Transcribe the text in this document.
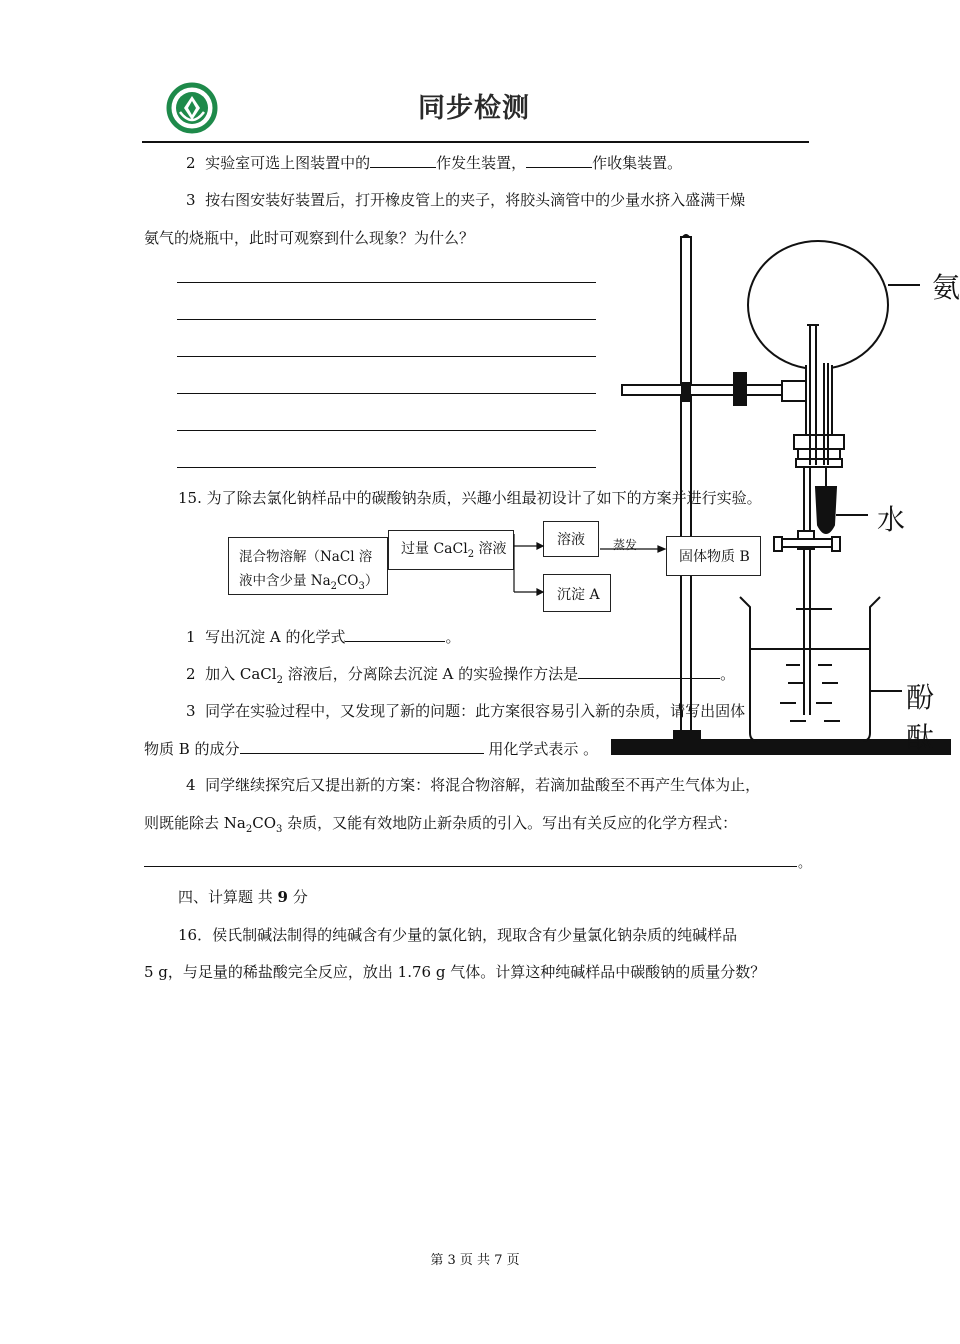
同步检测
2 实验室可选上图装置中的	作发生装置，	作收集装置。
3 按右图安装好装置后，打开橡皮管上的夹子，将胶头滴管中的少量水挤入盛满干燥
氨气的烧瓶中，此时可观察到什么现象？为什么？
氨
水
酚酞
15. 为了除去氯化钠样品中的碳酸钠杂质，兴趣小组最初设计了如下的方案并进行实验。
混合物溶解（NaCl 溶
液中含少量 $Na_2CO_3$）
过量 CaCl$_2$ 溶液
溶液
沉淀 A
固体物质 B
蒸发
1 写出沉淀 A 的化学式	。
2 加入 CaCl$_2$ 溶液后，分离除去沉淀 A 的实验操作方法是	。
3 同学在实验过程中，又发现了新的问题：此方案很容易引入新的杂质，请写出固体
物质 B 的成分	用化学式表示 。
4 同学继续探究后又提出新的方案：将混合物溶解，若滴加盐酸至不再产生气体为止，
则既能除去 $Na_2CO_3$ 杂质，又能有效地防止新杂质的引入。写出有关反应的化学方程式：
。
四、计算题 共 9 分
16．侯氏制碱法制得的纯碱含有少量的氯化钠，现取含有少量氯化钠杂质的纯碱样品
5 g，与足量的稀盐酸完全反应，放出 1.76 g 气体。计算这种纯碱样品中碳酸钠的质量分数？
第 3 页 共 7 页
